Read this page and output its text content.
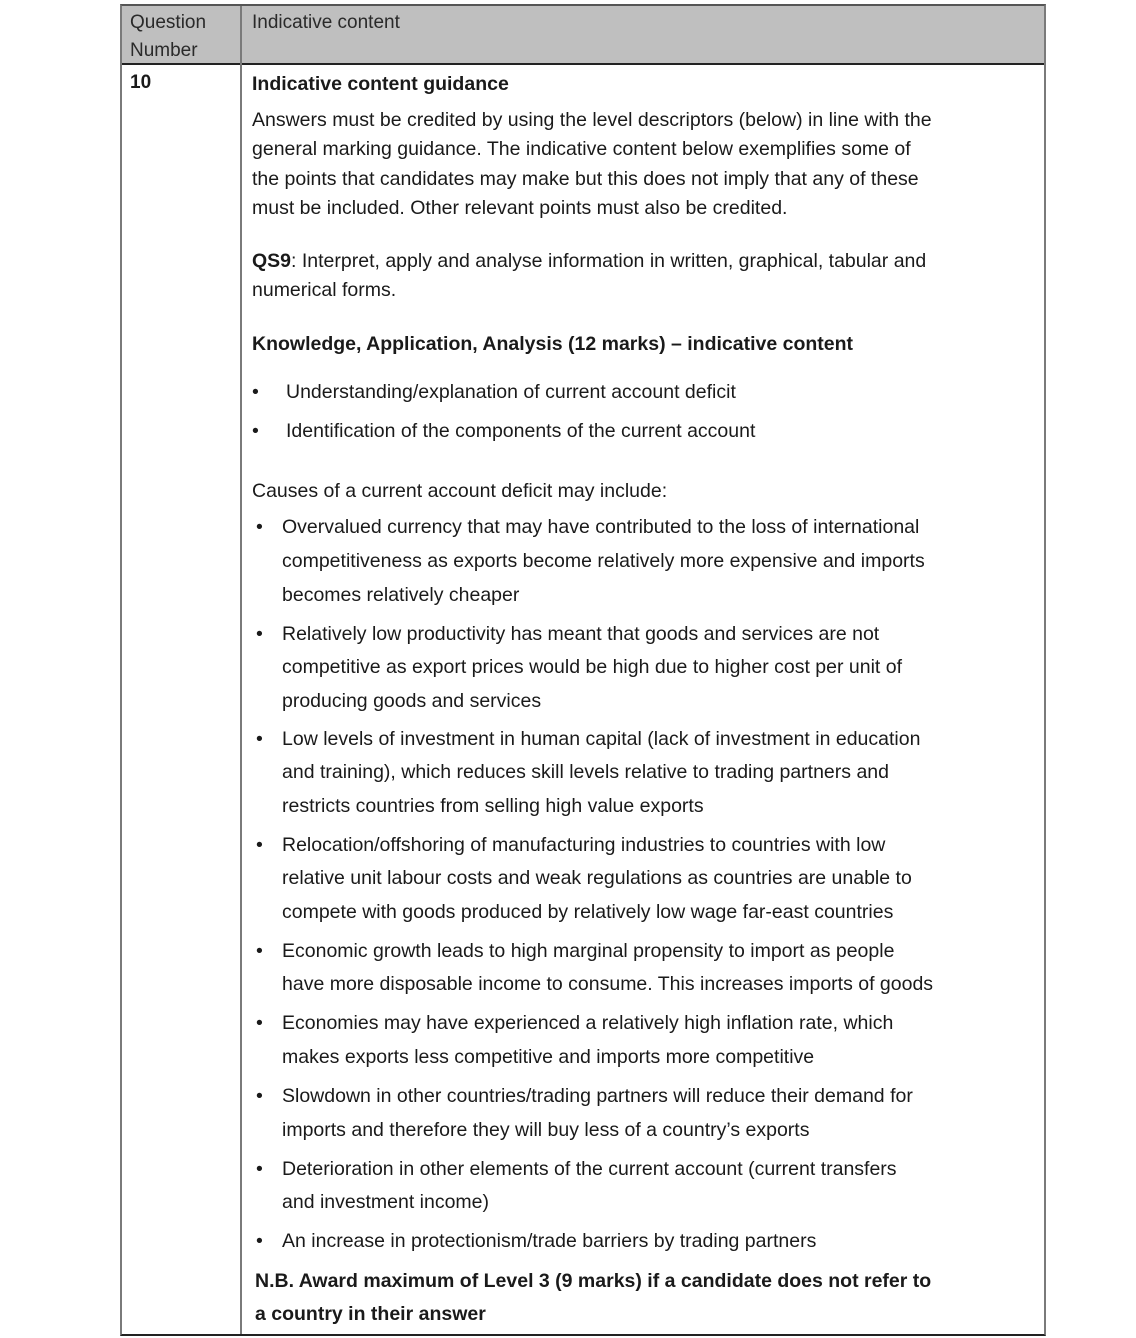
Question
Number
Indicative content
10	Indicative content guidance
Answers must be credited by using the level descriptors (below) in line with the
general marking guidance. The indicative content below exemplifies some of
the points that candidates may make but this does not imply that any of these
must be included. Other relevant points must also be credited.
QS9: Interpret, apply and analyse information in written, graphical, tabular and
numerical forms.
Knowledge, Application, Analysis (12 marks) – indicative content
• Understanding/explanation of current account deficit
• Identification of the components of the current account
Causes of a current account deficit may include:
• Overvalued currency that may have contributed to the loss of international
competitiveness as exports become relatively more expensive and imports
becomes relatively cheaper
• Relatively low productivity has meant that goods and services are not
competitive as export prices would be high due to higher cost per unit of
producing goods and services
• Low levels of investment in human capital (lack of investment in education
and training), which reduces skill levels relative to trading partners and
restricts countries from selling high value exports
• Relocation/offshoring of manufacturing industries to countries with low
relative unit labour costs and weak regulations as countries are unable to
compete with goods produced by relatively low wage far-east countries
• Economic growth leads to high marginal propensity to import as people
have more disposable income to consume. This increases imports of goods
• Economies may have experienced a relatively high inflation rate, which
makes exports less competitive and imports more competitive
• Slowdown in other countries/trading partners will reduce their demand for
imports and therefore they will buy less of a country’s exports
• Deterioration in other elements of the current account (current transfers
and investment income)
• An increase in protectionism/trade barriers by trading partners
N.B. Award maximum of Level 3 (9 marks) if a candidate does not refer to
a country in their answer
